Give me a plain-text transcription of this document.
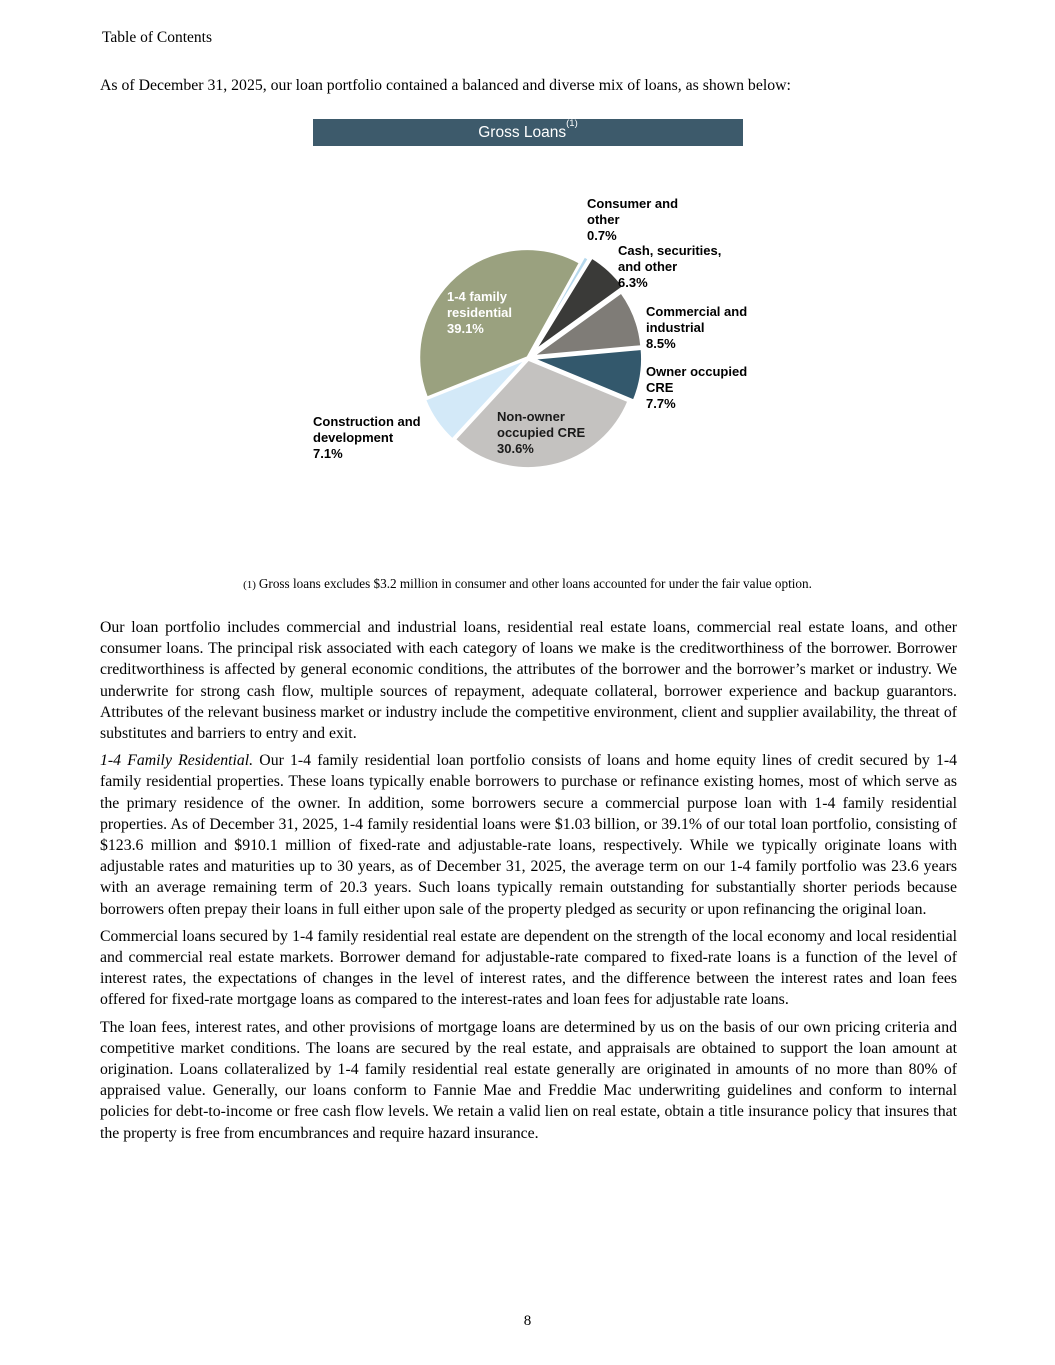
Table of Contents
As of December 31, 2025, our loan portfolio contained a balanced and diverse mix of loans, as shown below:
Gross Loans$^{(1)}$
Consumer and other
0.7%
Cash, securities, and other
6.3%
Commercial and industrial
8.5%
Owner occupied CRE
7.7%
Non-owner occupied CRE
30.6%
Construction and development
7.1%
1-4 family residential
39.1%
(1) Gross loans excludes $3.2 million in consumer and other loans accounted for under the fair value option.

Our loan portfolio includes commercial and industrial loans, residential real estate loans, commercial real estate loans, and other consumer loans. The principal risk associated with each category of loans we make is the creditworthiness of the borrower. Borrower creditworthiness is affected by general economic conditions, the attributes of the borrower and the borrower’s market or industry. We underwrite for strong cash flow, multiple sources of repayment, adequate collateral, borrower experience and backup guarantors. Attributes of the relevant business market or industry include the competitive environment, client and supplier availability, the threat of substitutes and barriers to entry and exit.

1-4 Family Residential. Our 1-4 family residential loan portfolio consists of loans and home equity lines of credit secured by 1-4 family residential properties. These loans typically enable borrowers to purchase or refinance existing homes, most of which serve as the primary residence of the owner. In addition, some borrowers secure a commercial purpose loan with 1-4 family residential properties. As of December 31, 2025, 1-4 family residential loans were $1.03 billion, or 39.1% of our total loan portfolio, consisting of $123.6 million and $910.1 million of fixed-rate and adjustable-rate loans, respectively. While we typically originate loans with adjustable rates and maturities up to 30 years, as of December 31, 2025, the average term on our 1-4 family portfolio was 23.6 years with an average remaining term of 20.3 years. Such loans typically remain outstanding for substantially shorter periods because borrowers often prepay their loans in full either upon sale of the property pledged as security or upon refinancing the original loan.

Commercial loans secured by 1-4 family residential real estate are dependent on the strength of the local economy and local residential and commercial real estate markets. Borrower demand for adjustable-rate compared to fixed-rate loans is a function of the level of interest rates, the expectations of changes in the level of interest rates, and the difference between the interest rates and loan fees offered for fixed-rate mortgage loans as compared to the interest-rates and loan fees for adjustable rate loans.

The loan fees, interest rates, and other provisions of mortgage loans are determined by us on the basis of our own pricing criteria and competitive market conditions. The loans are secured by the real estate, and appraisals are obtained to support the loan amount at origination. Loans collateralized by 1-4 family residential real estate generally are originated in amounts of no more than 80% of appraised value. Generally, our loans conform to Fannie Mae and Freddie Mac underwriting guidelines and conform to internal policies for debt-to-income or free cash flow levels. We retain a valid lien on real estate, obtain a title insurance policy that insures that the property is free from encumbrances and require hazard insurance.

8
